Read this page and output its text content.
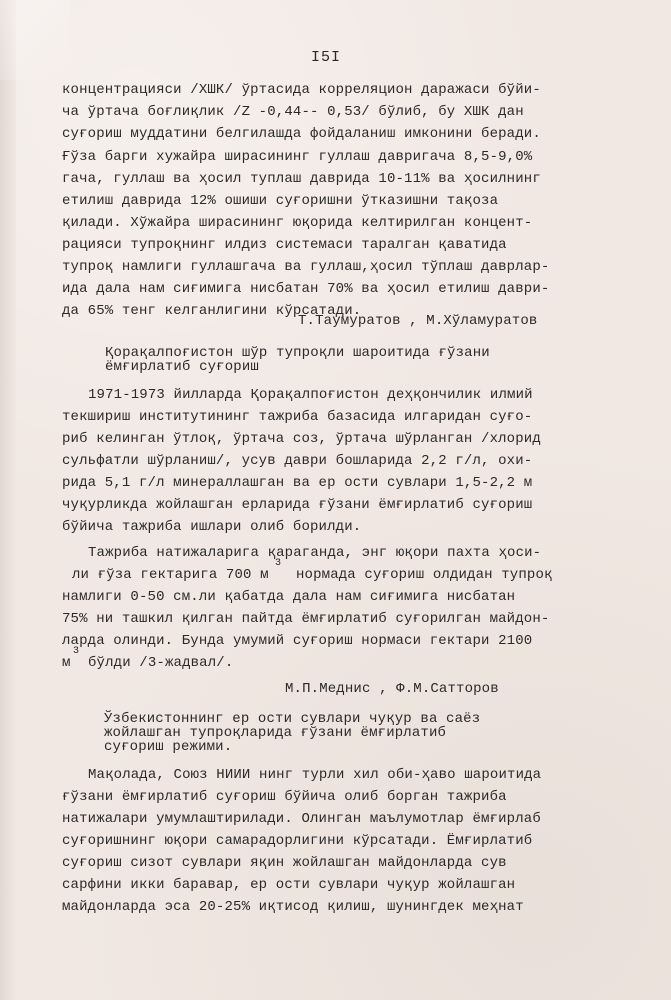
I5I
концентрацияси /ХШК/ ўртасида корреляцион даражаси бўйи-
ча ўртача боғлиқлик /Z -0,44-- 0,53/ бўлиб, бу ХШК дан
суғориш муддатини белгилашда фойдаланиш имконини беради.
Ғўза барги хужайра ширасининг гуллаш давригача 8,5-9,0%
гача, гуллаш ва ҳосил туплаш даврида 10-11% ва ҳосилнинг
етилиш даврида 12% ошиши суғоришни ўтказишни тақоза
қилади. Хўжайра ширасининг юқорида келтирилган концент-
рацияси тупроқнинг илдиз системаси таралган қаватида
тупроқ намлиги гуллашгача ва гуллаш,ҳосил тўплаш даврлар-
ида дала нам сиғимига нисбатан 70% ва ҳосил етилиш даври-
да 65% тенг келганлигини кўрсатади.
Т.Таумуратов , М.Хўламуратов
Қорақалпоғистон шўр тупроқли шароитида ғўзани
ёмғирлатиб суғориш
1971-1973 йилларда Қорақалпоғистон деҳқончилик илмий
текшириш институтининг тажриба базасида илгаридан суғо-
риб келинган ўтлоқ, ўртача соз, ўртача шўрланган /хлорид
сульфатли шўрланиш/, усув даври бошларида 2,2 г/л, охи-
рида 5,1 г/л минераллашган ва ер ости сувлари 1,5-2,2 м
чуқурликда жойлашган ерларида ғўзани ёмғирлатиб суғориш
бўйича тажриба ишлари олиб борилди.
Тажриба натижаларига қараганда, энг юқори пахта ҳоси-
ли ғўза гектарига 700 м
3
нормада суғориш олдидан тупроқ
намлиги 0-50 см.ли қабатда дала нам сиғимига нисбатан
75% ни ташкил қилган пайтда ёмғирлатиб суғорилган майдон-
ларда олинди. Бунда умумий суғориш нормаси гектари 2100
м
3
бўлди /3-жадвал/.
М.П.Меднис , Ф.М.Сатторов
Ўзбекистоннинг ер ости сувлари чуқур ва саёз
жойлашган тупроқларида ғўзани ёмғирлатиб
суғориш режими.
Мақолада, Союз НИИИ нинг турли хил оби-ҳаво шароитида
ғўзани ёмғирлатиб суғориш бўйича олиб борган тажриба
натижалари умумлаштирилади. Олинган маълумотлар ёмғирлаб
суғоришнинг юқори самарадорлигини кўрсатади. Ёмғирлатиб
суғориш сизот сувлари яқин жойлашган майдонларда сув
сарфини икки баравар, ер ости сувлари чуқур жойлашган
майдонларда эса 20-25% иқтисод қилиш, шунингдек меҳнат
